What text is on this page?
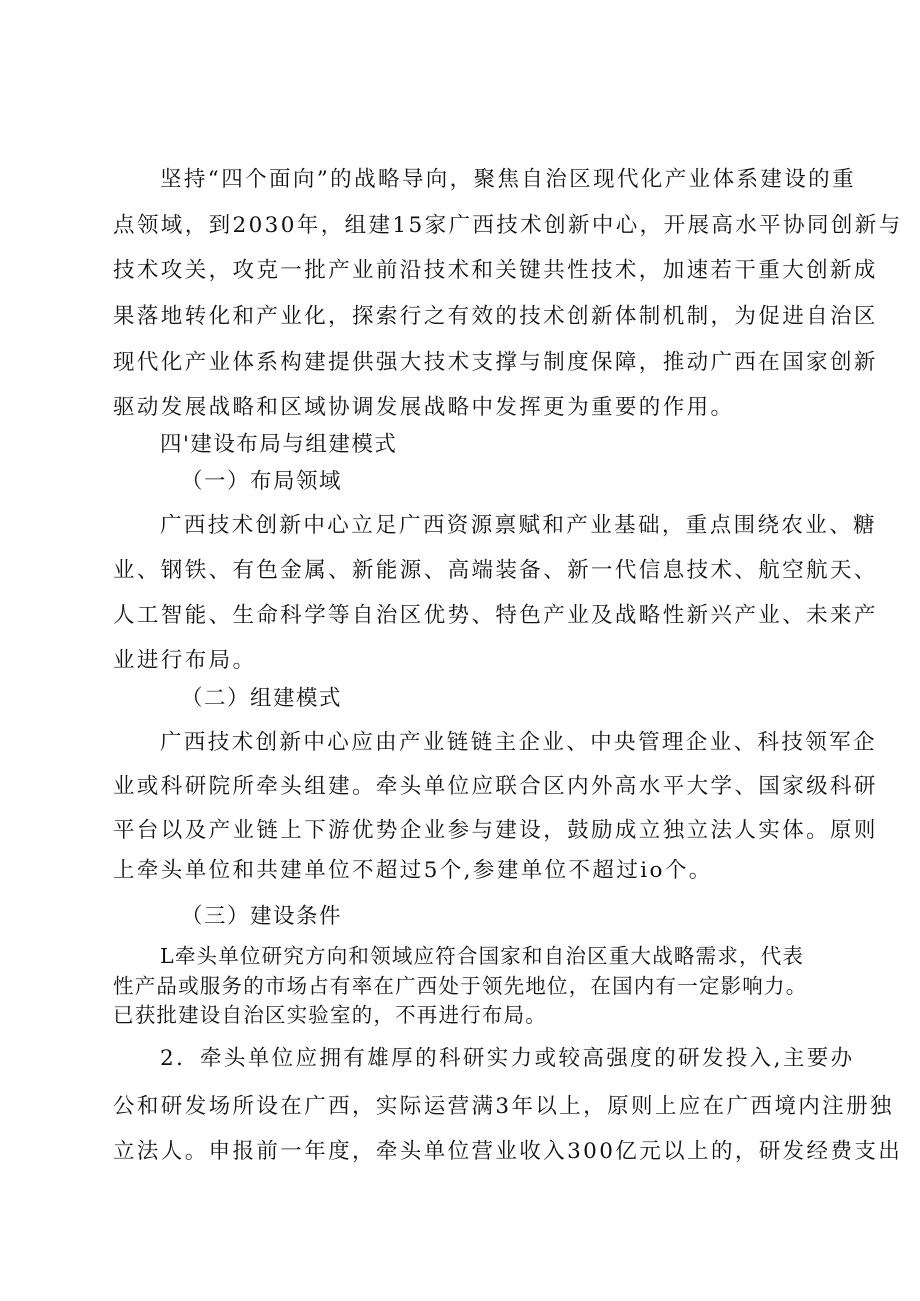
坚持“四个面向”的战略导向，聚焦自治区现代化产业体系建设的重
点领域，到2030年，组建15家广西技术创新中心，开展高水平协同创新与
技术攻关，攻克一批产业前沿技术和关键共性技术，加速若干重大创新成
果落地转化和产业化，探索行之有效的技术创新体制机制，为促进自治区
现代化产业体系构建提供强大技术支撑与制度保障，推动广西在国家创新
驱动发展战略和区域协调发展战略中发挥更为重要的作用。
四'建设布局与组建模式
（一）布局领域
广西技术创新中心立足广西资源禀赋和产业基础，重点围绕农业、糖
业、钢铁、有色金属、新能源、高端装备、新一代信息技术、航空航天、
人工智能、生命科学等自治区优势、特色产业及战略性新兴产业、未来产
业进行布局。
（二）组建模式
广西技术创新中心应由产业链链主企业、中央管理企业、科技领军企
业或科研院所牵头组建。牵头单位应联合区内外高水平大学、国家级科研
平台以及产业链上下游优势企业参与建设，鼓励成立独立法人实体。原则
上牵头单位和共建单位不超过5个,参建单位不超过io个。
（三）建设条件
L牵头单位研究方向和领域应符合国家和自治区重大战略需求，代表
性产品或服务的市场占有率在广西处于领先地位，在国内有一定影响力。
已获批建设自治区实验室的，不再进行布局。
2．牵头单位应拥有雄厚的科研实力或较高强度的研发投入,主要办
公和研发场所设在广西，实际运营满3年以上，原则上应在广西境内注册独
立法人。申报前一年度，牵头单位营业收入300亿元以上的，研发经费支出
